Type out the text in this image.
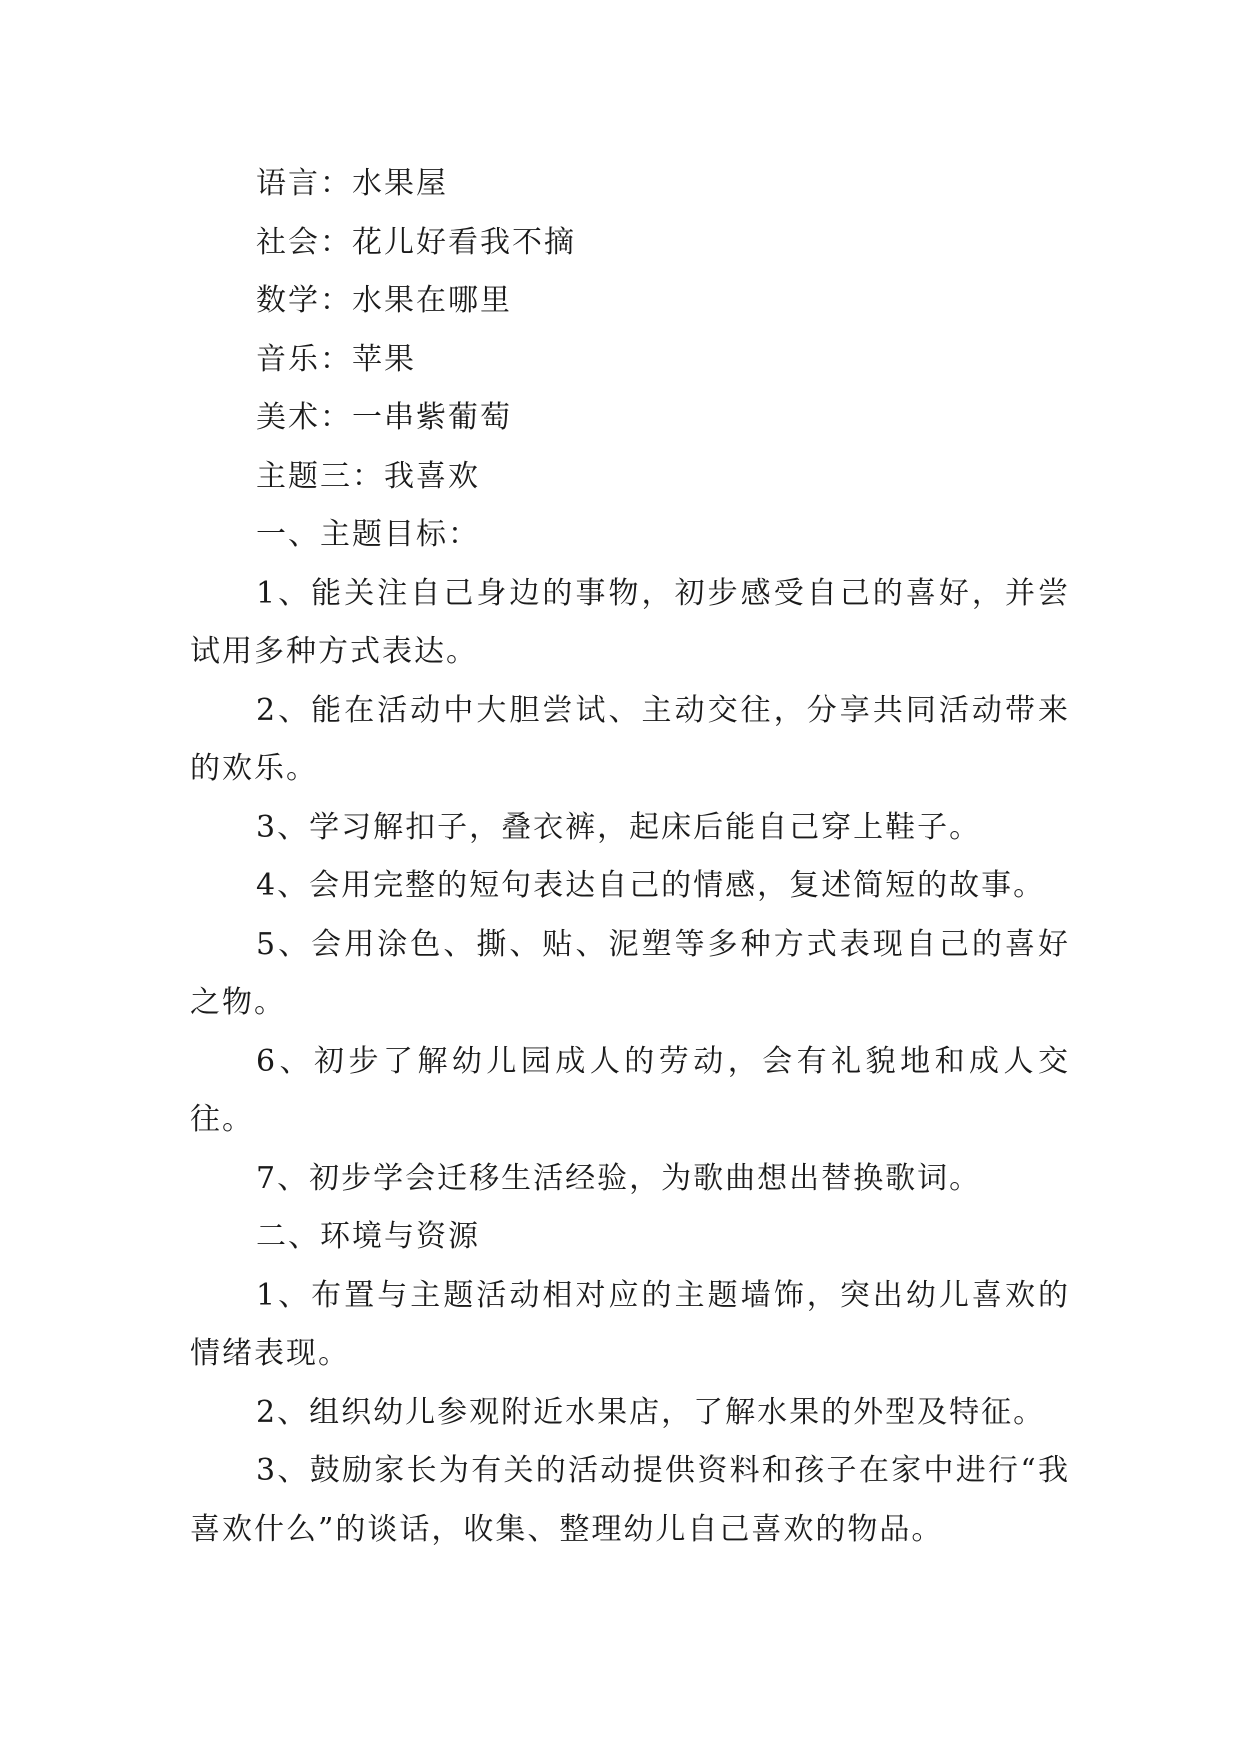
语言：水果屋

社会：花儿好看我不摘

数学：水果在哪里

音乐：苹果

美术：一串紫葡萄

主题三：我喜欢

一、主题目标：

1、能关注自己身边的事物，初步感受自己的喜好，并尝试用多种方式表达。

2、能在活动中大胆尝试、主动交往，分享共同活动带来的欢乐。

3、学习解扣子，叠衣裤，起床后能自己穿上鞋子。

4、会用完整的短句表达自己的情感，复述简短的故事。

5、会用涂色、撕、贴、泥塑等多种方式表现自己的喜好之物。

6、初步了解幼儿园成人的劳动，会有礼貌地和成人交往。

7、初步学会迁移生活经验，为歌曲想出替换歌词。

二、环境与资源

1、布置与主题活动相对应的主题墙饰，突出幼儿喜欢的情绪表现。

2、组织幼儿参观附近水果店，了解水果的外型及特征。

3、鼓励家长为有关的活动提供资料和孩子在家中进行“我喜欢什么”的谈话，收集、整理幼儿自己喜欢的物品。
